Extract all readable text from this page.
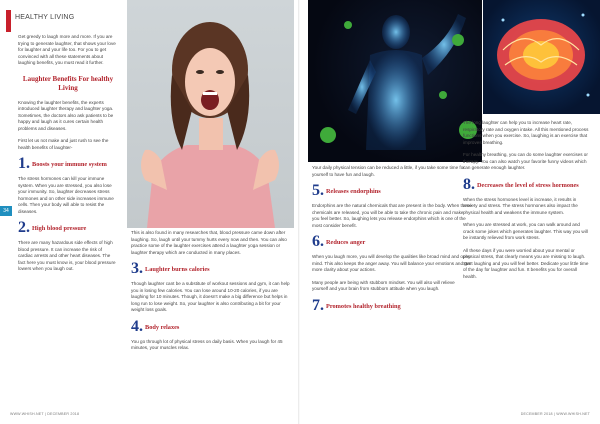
HEALTHY LIVING

Get greedy to laugh more and more. If you are trying to generate laughter, that shows your love for laughter and your life too. For you to get convinced with all these statements about laughing benefits, you must read it further.

Laughter Benefits For healthy Living

Knowing the laughter benefits, the experts introduced laughter therapy and laughter yoga. Sometimes, the doctors also ask patients to be happy and laugh as it cures certain health problems and diseases.

First let us not make and just rush to see the health benefits of laughter-

1. Boosts your immune system

The stress hormones can kill your immune system. When you are stressed, you also lose your immunity. So, laughter decreases stress hormones and on other side increases immune cells. Then your body will able to resist the diseases.

2. High blood pressure

There are many hazardous side effects of high blood pressure. It can increase the risk of cardiac arrests and other heart diseases. The fact here you must know is, your blood pressure lowers when you laugh out.

34

This is also found in many researches that, blood pressure came down after laughing. So, laugh until your tummy hurts every now and then. You can also practice some of the laughter exercises attend a laughter yoga session or laughter therapy which are conducted in many places.

3. Laughter burns calories

Though laughter cant be a substitute of workout sessions and gym, it can help you in losing few calories. You can lose around 10-20 calories, if you are laughing for 10 minutes. Though, it doesn't make a big difference but helps in long run to lose weight. So, your laughter is also contributing a bit for your weight loss goals.

4. Body relaxes

You go through lot of physical stress on daily basis. When you laugh for 45 minutes, your muscles relax.

WWW.WHISH.NET | DECEMBER 2018

Your daily physical tension can be reduced a little, if you take some time for yourself to have fun and laugh.

5. Releases endorphins

Endorphins are the natural chemicals that are present in the body. When these chemicals are released, you will be able to take the chronic pain and make you feel better. So, laughing lets you release endorphins which is one of the most consider benefit.

6. Reduces anger

When you laugh more, you will develop the qualities like broad mind and open mind. This also keeps the anger away. You will balance your emotions and get more clarity about your actions.

Many people are being with stubborn mindset. You will also will relieve yourself and your brain from stubborn attitude when you laugh.

7. Promotes healthy breathing

The long laughter can help you to increase heart rate, respiratory rate and oxygen intake. All this mentioned process functions when you exercise. So, laughing is an exercise that improves breathing.

For healthy breathing, you can do some laughter exercises or therapy. You can also watch your favorite funny videos which can generate enough laughter.

8. Decreases the level of stress hormones

When the stress hormones level is increase, it results in anxiety and stress. The stress hormones also impact the physical health and weakens the immune system.

When you are stressed at work, you can walk around and crack some jokes which generates laughter. This way you will be instantly relieved from work stress.

All these days if you were worried about your mental or physical stress, that clearly means you are missing to laugh. Start laughing and you will feel better. Dedicate your little time of the day for laughter and fun. It benefits you for overall health.

DECEMBER 2018 | WWW.WHISH.NET
